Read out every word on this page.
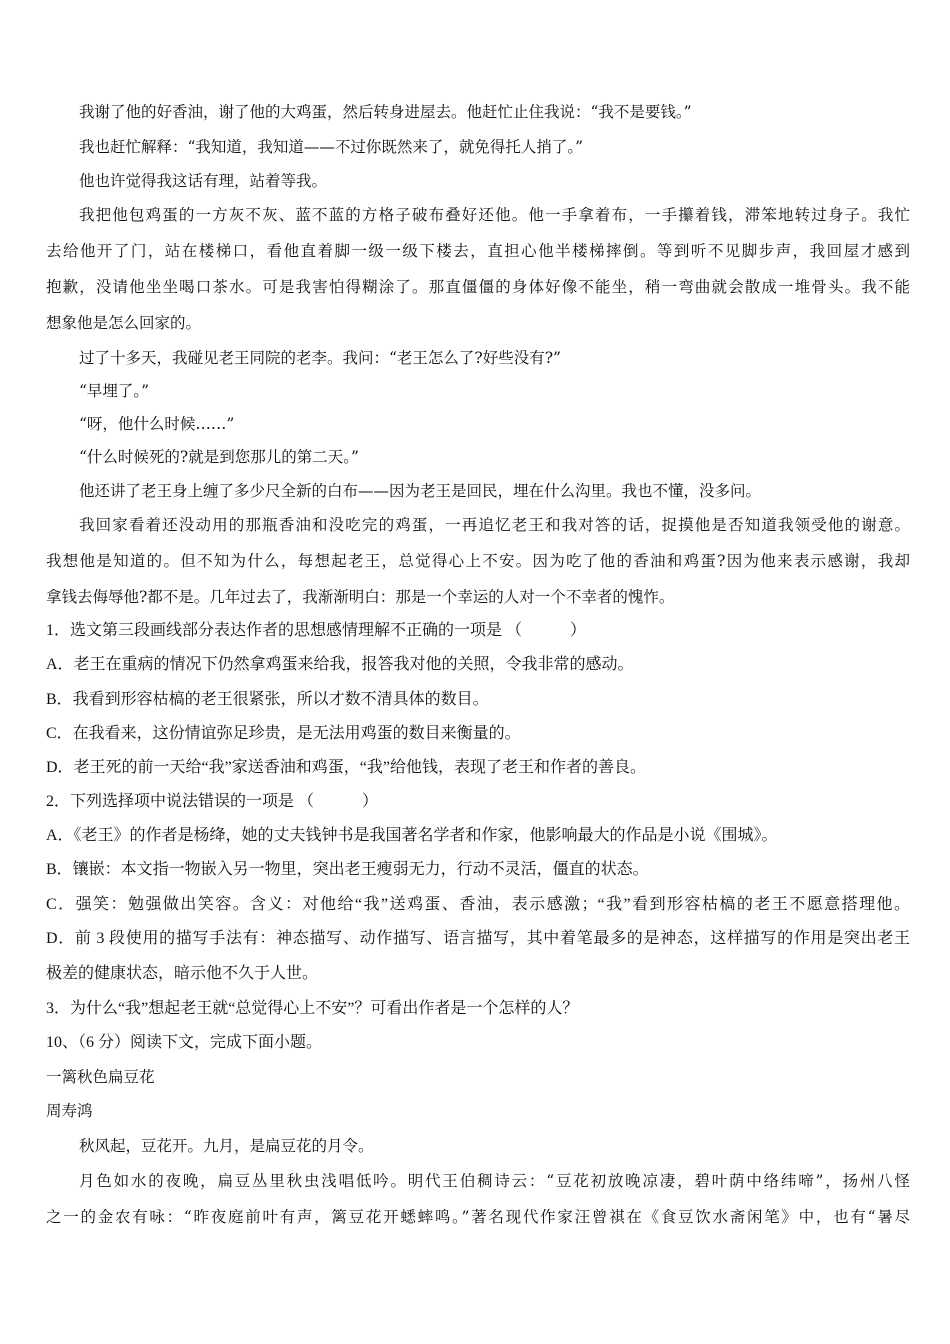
我谢了他的好香油，谢了他的大鸡蛋，然后转身进屋去。他赶忙止住我说：“我不是要钱。”
我也赶忙解释：“我知道，我知道——不过你既然来了，就免得托人捎了。”
他也许觉得我这话有理，站着等我。
我把他包鸡蛋的一方灰不灰、蓝不蓝的方格子破布叠好还他。他一手拿着布，一手攥着钱，滞笨地转过身子。我忙
去给他开了门，站在楼梯口，看他直着脚一级一级下楼去，直担心他半楼梯摔倒。等到听不见脚步声，我回屋才感到
抱歉，没请他坐坐喝口茶水。可是我害怕得糊涂了。那直僵僵的身体好像不能坐，稍一弯曲就会散成一堆骨头。我不能
想象他是怎么回家的。
过了十多天，我碰见老王同院的老李。我问：“老王怎么了?好些没有?”
“早埋了。”
“呀，他什么时候……”
“什么时候死的?就是到您那儿的第二天。”
他还讲了老王身上缠了多少尺全新的白布——因为老王是回民，埋在什么沟里。我也不懂，没多问。
我回家看着还没动用的那瓶香油和没吃完的鸡蛋，一再追忆老王和我对答的话，捉摸他是否知道我领受他的谢意。
我想他是知道的。但不知为什么，每想起老王，总觉得心上不安。因为吃了他的香油和鸡蛋?因为他来表示感谢，我却
拿钱去侮辱他?都不是。几年过去了，我渐渐明白：那是一个幸运的人对一个不幸者的愧怍。
1．选文第三段画线部分表达作者的思想感情理解不正确的一项是 （　　　）
A．老王在重病的情况下仍然拿鸡蛋来给我，报答我对他的关照，令我非常的感动。
B．我看到形容枯槁的老王很紧张，所以才数不清具体的数目。
C．在我看来，这份情谊弥足珍贵，是无法用鸡蛋的数目来衡量的。
D．老王死的前一天给“我”家送香油和鸡蛋，“我”给他钱，表现了老王和作者的善良。
2．下列选择项中说法错误的一项是 （　　　）
A．《老王》的作者是杨绛，她的丈夫钱钟书是我国著名学者和作家，他影响最大的作品是小说《围城》。
B．镶嵌：本文指一物嵌入另一物里，突出老王瘦弱无力，行动不灵活，僵直的状态。
C．强笑：勉强做出笑容。含义：对他给“我”送鸡蛋、香油，表示感激；“我”看到形容枯槁的老王不愿意搭理他。
D．前 3 段使用的描写手法有：神态描写、动作描写、语言描写，其中着笔最多的是神态，这样描写的作用是突出老王
极差的健康状态，暗示他不久于人世。
3．为什么“我”想起老王就“总觉得心上不安”？可看出作者是一个怎样的人？
10、（6 分）阅读下文，完成下面小题。
一篱秋色扁豆花
周寿鸿
秋风起，豆花开。九月，是扁豆花的月令。
月色如水的夜晚，扁豆丛里秋虫浅唱低吟。明代王伯稠诗云：“豆花初放晚凉凄，碧叶荫中络纬啼”，扬州八怪
之一的金农有咏：“昨夜庭前叶有声，篱豆花开蟋蟀鸣。”著名现代作家汪曾祺在《食豆饮水斋闲笔》中，也有“暑尽
